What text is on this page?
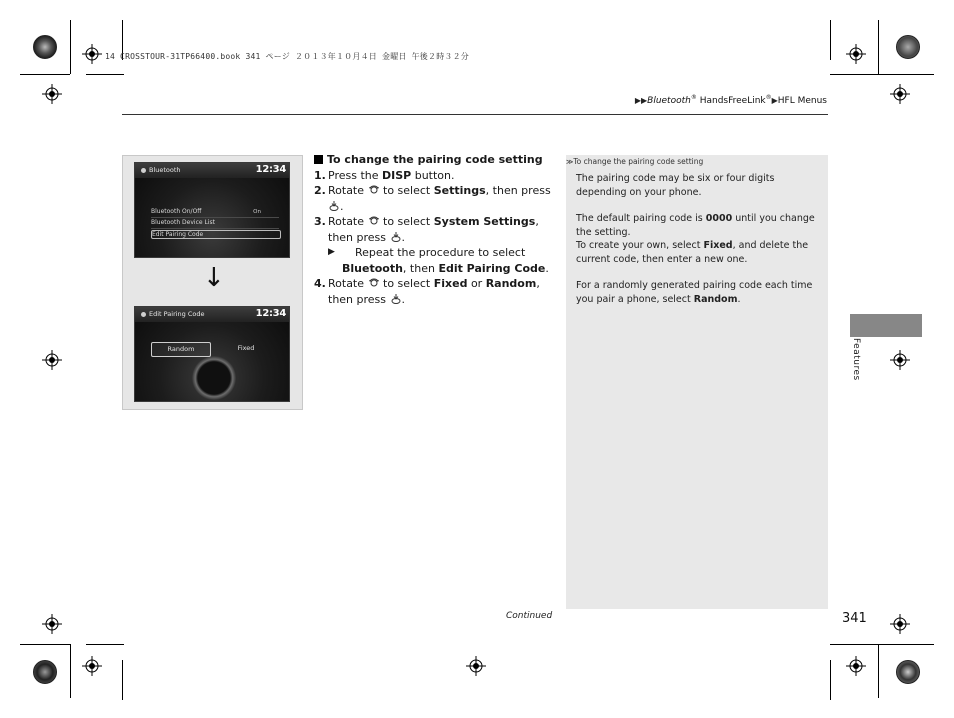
14 CROSSTOUR-31TP66400.book 341 ページ ２０１３年１０月４日 金曜日 午後２時３２分
▶▶Bluetooth® HandsFreeLink®▶HFL Menus
Bluetooth	12:34
Bluetooth On/Off	On
Bluetooth Device List
Edit Pairing Code
Edit Pairing Code	12:34
Random	Fixed
↓
To change the pairing code setting
1. Press the DISP button.
2. Rotate  to select Settings, then press
.
3. Rotate  to select System Settings, then press .
▶ Repeat the procedure to select Bluetooth, then Edit Pairing Code.
4. Rotate  to select Fixed or Random,
then press .
≫To change the pairing code setting

The pairing code may be six or four digits depending on your phone.

The default pairing code is 0000 until you change the setting.
To create your own, select Fixed, and delete the current code, then enter a new one.

For a randomly generated pairing code each time you pair a phone, select Random.

Features
Continued	341
